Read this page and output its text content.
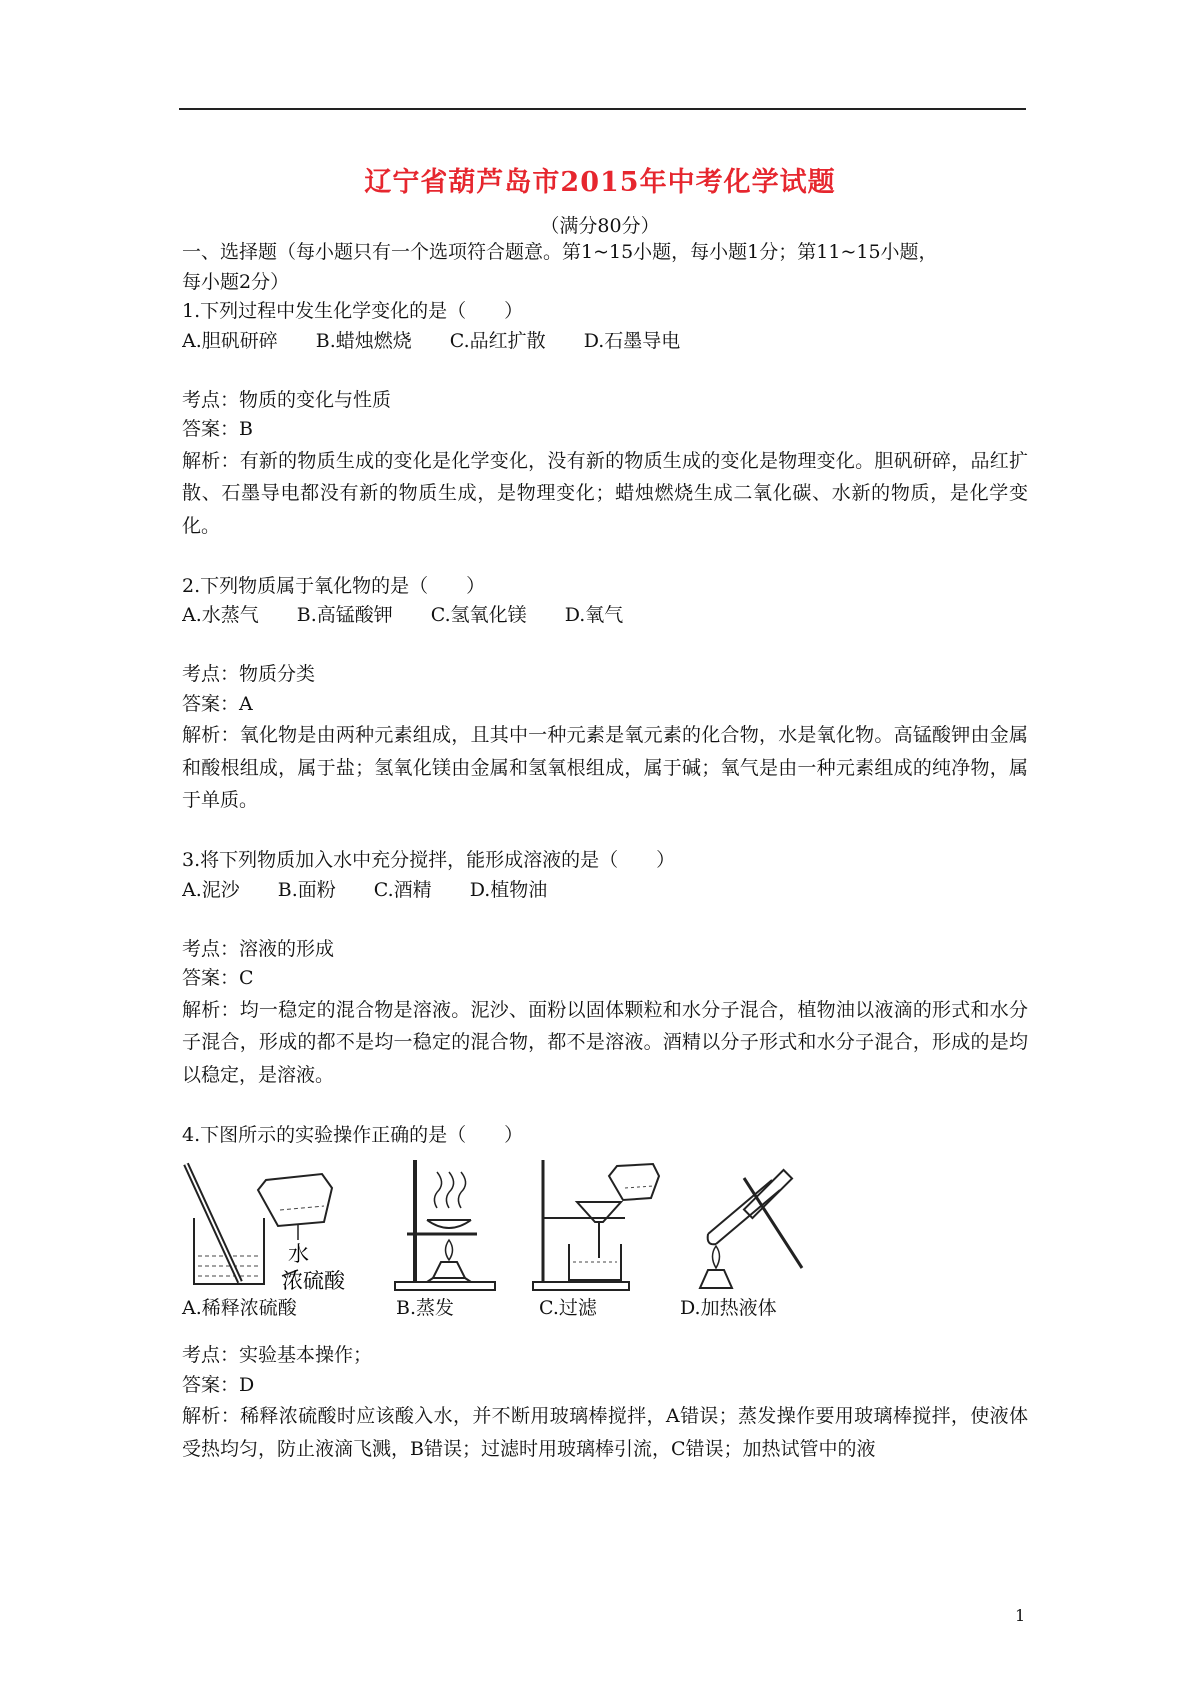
辽宁省葫芦岛市2015年中考化学试题
（满分80分）
一、选择题（每小题只有一个选项符合题意。第1~15小题，每小题1分；第11~15小题，
每小题2分）
1.下列过程中发生化学变化的是（　　）
A.胆矾研碎 B.蜡烛燃烧 C.品红扩散 D.石墨导电
考点：物质的变化与性质
答案：B
解析：有新的物质生成的变化是化学变化，没有新的物质生成的变化是物理变化。胆矾研碎，品红扩散、石墨导电都没有新的物质生成，是物理变化；蜡烛燃烧生成二氧化碳、水新的物质，是化学变化。
2.下列物质属于氧化物的是（　　）
A.水蒸气 B.高锰酸钾 C.氢氧化镁 D.氧气
考点：物质分类
答案：A
解析：氧化物是由两种元素组成，且其中一种元素是氧元素的化合物，水是氧化物。高锰酸钾由金属和酸根组成，属于盐；氢氧化镁由金属和氢氧根组成，属于碱；氧气是由一种元素组成的纯净物，属于单质。
3.将下列物质加入水中充分搅拌，能形成溶液的是（　　）
A.泥沙 B.面粉 C.酒精 D.植物油
考点：溶液的形成
答案：C
解析：均一稳定的混合物是溶液。泥沙、面粉以固体颗粒和水分子混合，植物油以液滴的形式和水分子混合，形成的都不是均一稳定的混合物，都不是溶液。酒精以分子形式和水分子混合，形成的是均以稳定，是溶液。
4.下图所示的实验操作正确的是（　　）
水
浓硫酸
A.稀释浓硫酸	B.蒸发	C.过滤	D.加热液体
考点：实验基本操作；
答案：D
解析：稀释浓硫酸时应该酸入水，并不断用玻璃棒搅拌，A错误；蒸发操作要用玻璃棒搅拌，使液体受热均匀，防止液滴飞溅，B错误；过滤时用玻璃棒引流，C错误；加热试管中的液
1
